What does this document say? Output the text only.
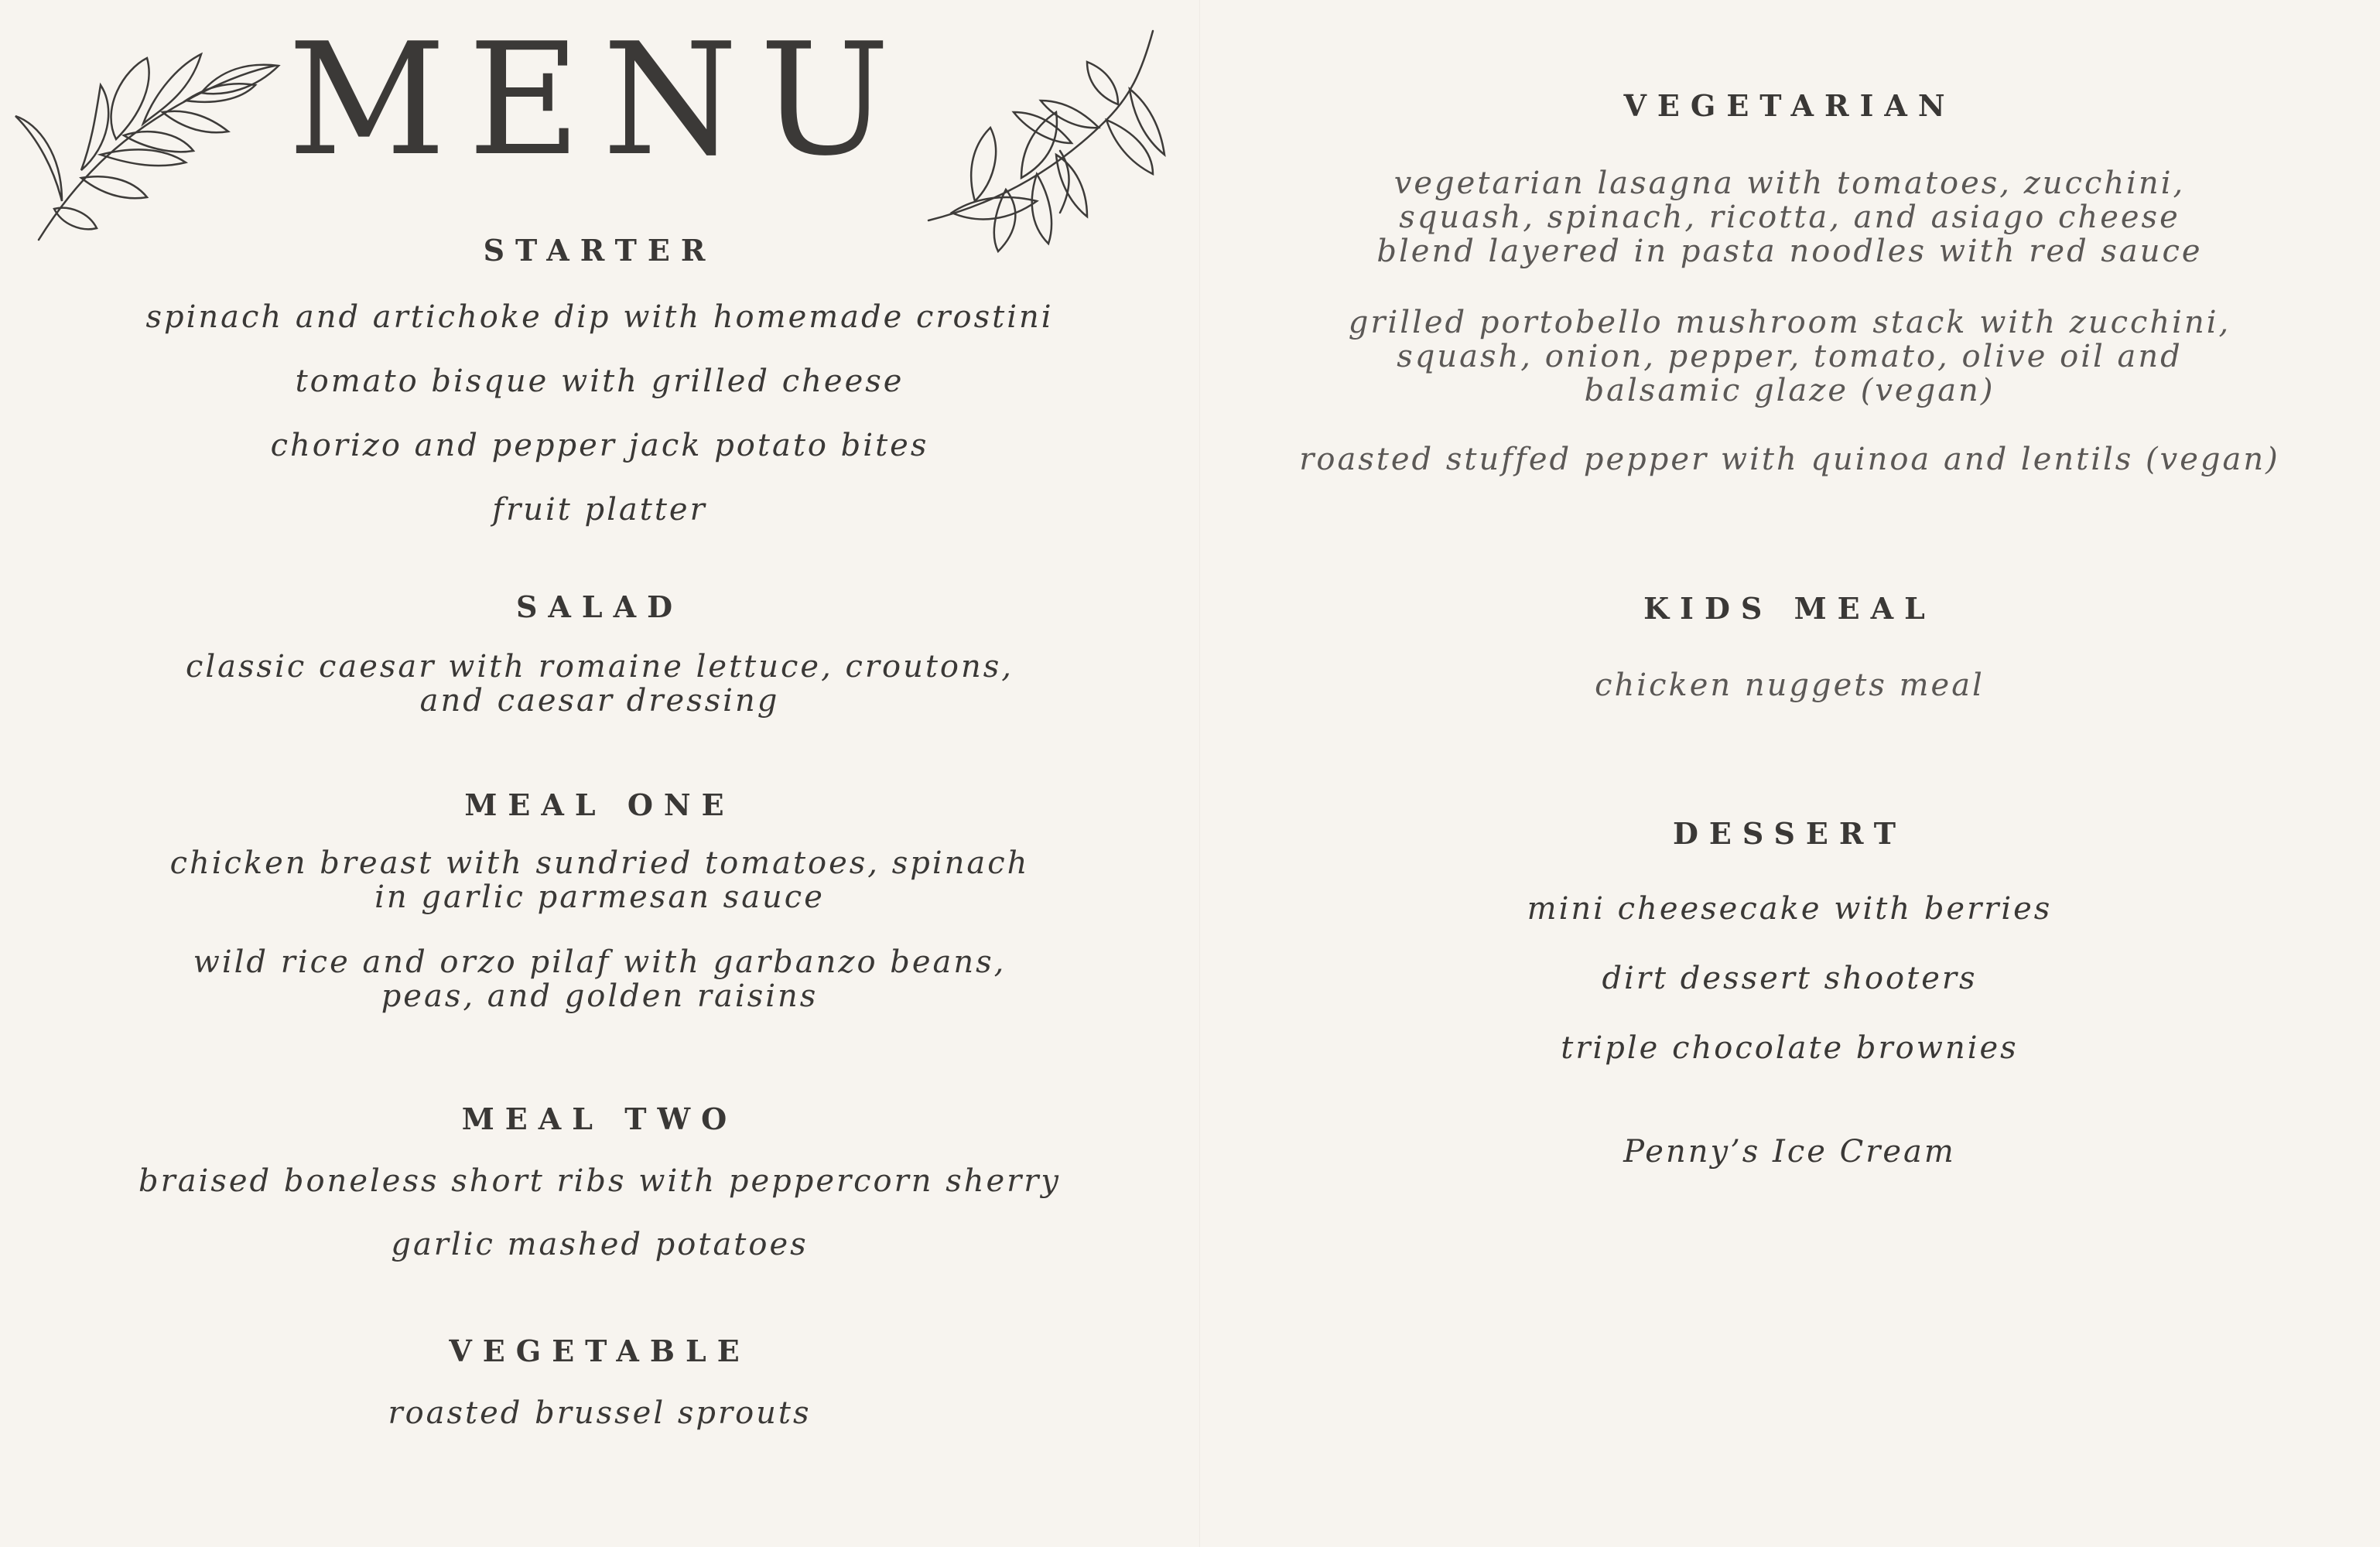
MENU
STARTER

spinach and artichoke dip with homemade crostini

tomato bisque with grilled cheese

chorizo and pepper jack potato bites

fruit platter

SALAD

classic caesar with romaine lettuce, croutons, and caesar dressing

MEAL ONE

chicken breast with sundried tomatoes, spinach in garlic parmesan sauce

wild rice and orzo pilaf with garbanzo beans, peas, and golden raisins

MEAL TWO

braised boneless short ribs with peppercorn sherry

garlic mashed potatoes

VEGETABLE

roasted brussel sprouts

VEGETARIAN

vegetarian lasagna with tomatoes, zucchini, squash, spinach, ricotta, and asiago cheese blend layered in pasta noodles with red sauce

grilled portobello mushroom stack with zucchini, squash, onion, pepper, tomato, olive oil and balsamic glaze (vegan)

roasted stuffed pepper with quinoa and lentils (vegan)

KIDS MEAL

chicken nuggets meal

DESSERT

mini cheesecake with berries

dirt dessert shooters

triple chocolate brownies

Penny’s Ice Cream
